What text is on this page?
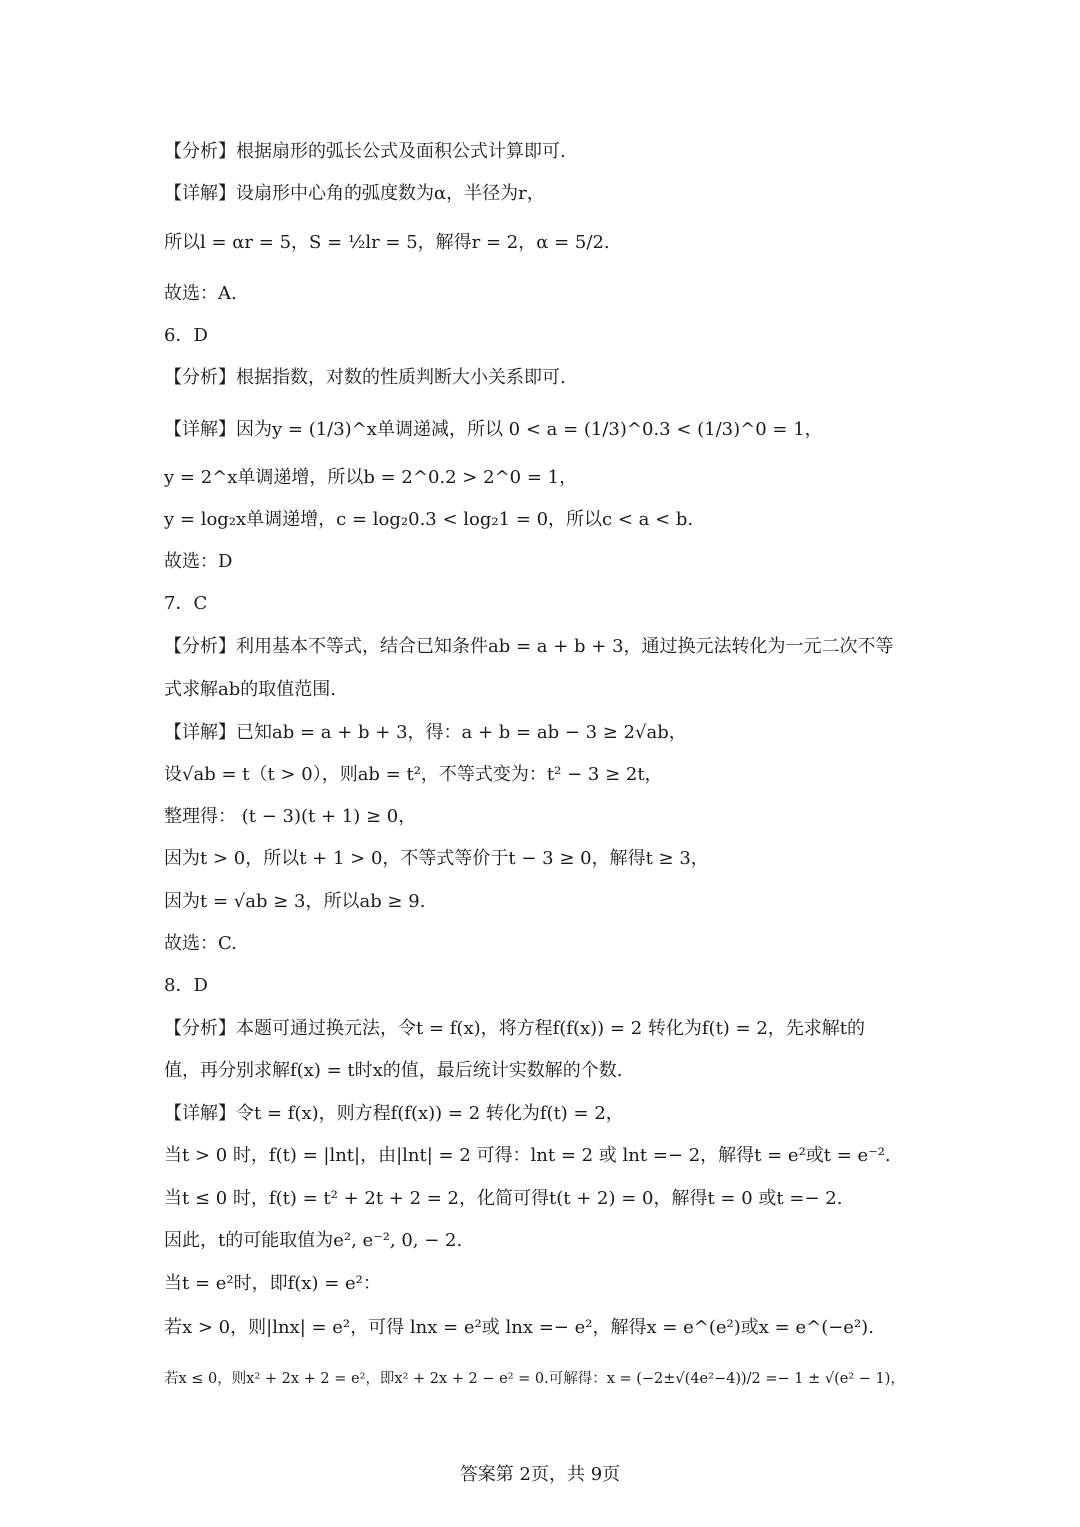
【分析】根据扇形的弧长公式及面积公式计算即可.
【详解】设扇形中心角的弧度数为α，半径为r，
所以l = αr = 5，S = ½lr = 5，解得r = 2，α = 5/2.
故选：A.
6．D
【分析】根据指数，对数的性质判断大小关系即可.
【详解】因为y = (1/3)^x单调递减，所以 0 < a = (1/3)^0.3 < (1/3)^0 = 1，
y = 2^x单调递增，所以b = 2^0.2 > 2^0 = 1，
y = log₂x单调递增，c = log₂0.3 < log₂1 = 0，所以c < a < b.
故选：D
7．C
【分析】利用基本不等式，结合已知条件ab = a + b + 3，通过换元法转化为一元二次不等
式求解ab的取值范围.
【详解】已知ab = a + b + 3，得：a + b = ab − 3 ≥ 2√ab，
设√ab = t（t > 0），则ab = t²，不等式变为：t² − 3 ≥ 2t，
整理得： (t − 3)(t + 1) ≥ 0，
因为t > 0，所以t + 1 > 0，不等式等价于t − 3 ≥ 0，解得t ≥ 3，
因为t = √ab ≥ 3，所以ab ≥ 9.
故选：C.
8．D
【分析】本题可通过换元法，令t = f(x)，将方程f(f(x)) = 2 转化为f(t) = 2，先求解t的
值，再分别求解f(x) = t时x的值，最后统计实数解的个数.
【详解】令t = f(x)，则方程f(f(x)) = 2 转化为f(t) = 2，
当t > 0 时，f(t) = |lnt|，由|lnt| = 2 可得：lnt = 2 或 lnt =− 2，解得t = e²或t = e⁻².
当t ≤ 0 时，f(t) = t² + 2t + 2 = 2，化简可得t(t + 2) = 0，解得t = 0 或t =− 2.
因此，t的可能取值为e², e⁻², 0, − 2.
当t = e²时，即f(x) = e²：
若x > 0，则|lnx| = e²，可得 lnx = e²或 lnx =− e²，解得x = e^(e²)或x = e^(−e²).
若x ≤ 0，则x² + 2x + 2 = e²，即x² + 2x + 2 − e² = 0.可解得：x = (−2±√(4e²−4))/2 =− 1 ± √(e² − 1)，
答案第 2页，共 9页
